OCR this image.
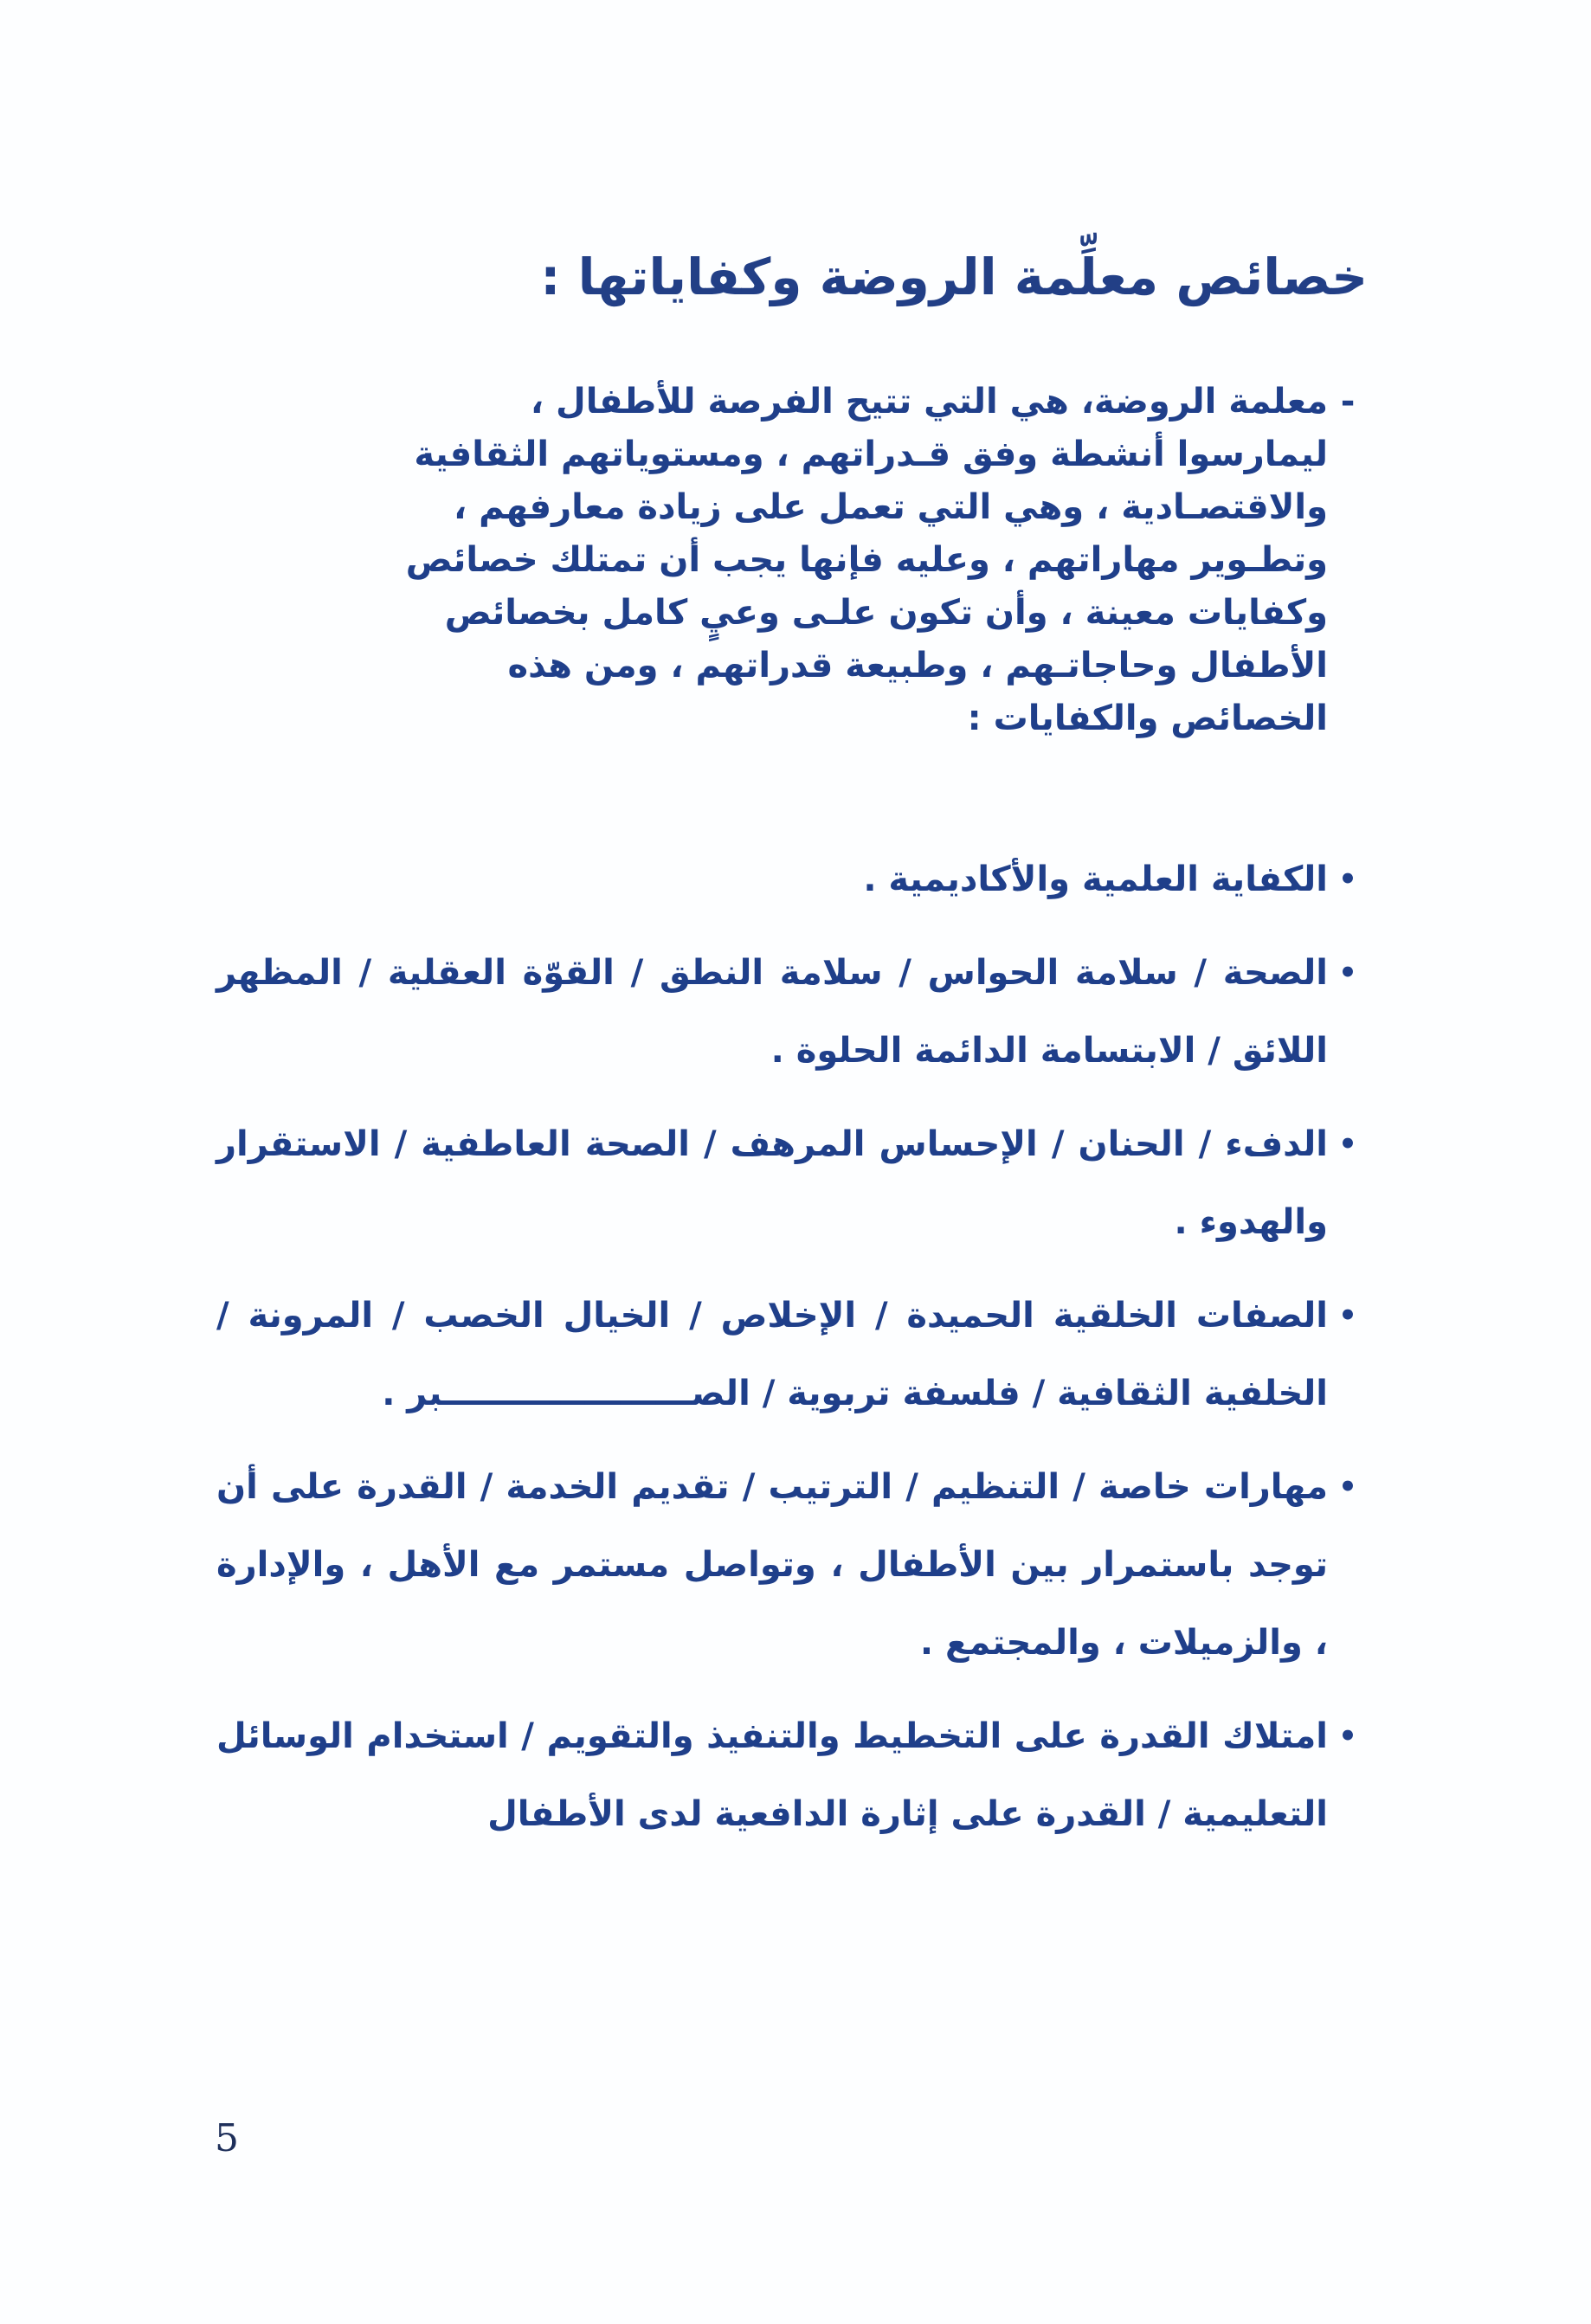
خصائص معلِّمة الروضة وكفاياتها :
-
معلمة الروضة، هي التي تتيح الفرصة للأطفال ، ليمارسوا أنشطة وفق قـدراتهم ، ومستوياتهم الثقافية والاقتصـادية ، وهي التي تعمل على زيادة معارفهم ، وتطـوير مهاراتهم ، وعليه فإنها يجب أن تمتلك خصائص وكفايات معينة ، وأن تكون علـى وعيٍ كامل بخصائص الأطفال وحاجاتـهم ، وطبيعة قدراتهم ، ومن هذه الخصائص والكفايات :
•
الكفاية العلمية والأكاديمية .
•
الصحة / سلامة الحواس / سلامة النطق / القوّة العقلية / المظهر اللائق / الابتسامة الدائمة الحلوة .
•
الدفء / الحنان / الإحساس المرهف / الصحة العاطفية / الاستقرار والهدوء .
•
الصفات الخلقية الحميدة / الإخلاص / الخيال الخصب / المرونة / الخلفية الثقافية / فلسفة تربوية / الصـــــــــــــــــــــبر .
•
مهارات خاصة / التنظيم / الترتيب / تقديم الخدمة / القدرة على أن توجد باستمرار بين الأطفال ، وتواصل مستمر مع الأهل ، والإدارة ، والزميلات ، والمجتمع .
•
امتلاك القدرة على التخطيط والتنفيذ والتقويم / استخدام الوسائل التعليمية / القدرة على إثارة الدافعية لدى الأطفال
5
